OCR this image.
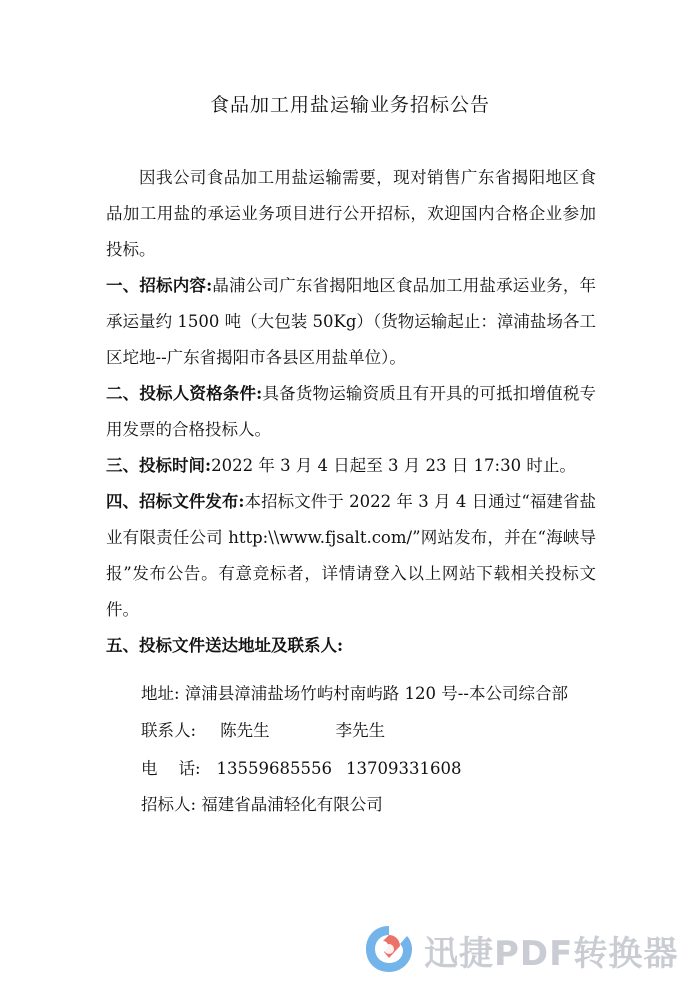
食品加工用盐运输业务招标公告

因我公司食品加工用盐运输需要，现对销售广东省揭阳地区食品加工用盐的承运业务项目进行公开招标，欢迎国内合格企业参加投标。

一、招标内容:晶浦公司广东省揭阳地区食品加工用盐承运业务，年承运量约 1500 吨（大包装 50Kg）（货物运输起止：漳浦盐场各工区坨地--广东省揭阳市各县区用盐单位）。

二、投标人资格条件:具备货物运输资质且有开具的可抵扣增值税专用发票的合格投标人。

三、投标时间:2022 年 3 月 4 日起至 3 月 23 日 17:30 时止。

四、招标文件发布:本招标文件于 2022 年 3 月 4 日通过“福建省盐业有限责任公司 http:\\www.fjsalt.com/”网站发布，并在“海峡导报”发布公告。有意竞标者，详情请登入以上网站下载相关投标文件。

五、投标文件送达地址及联系人:

地址: 漳浦县漳浦盐场竹屿村南屿路 120 号--本公司综合部
联系人: 陈先生	李先生
电    话: 13559685556 13709331608
招标人: 福建省晶浦轻化有限公司
迅捷PDF转换器
